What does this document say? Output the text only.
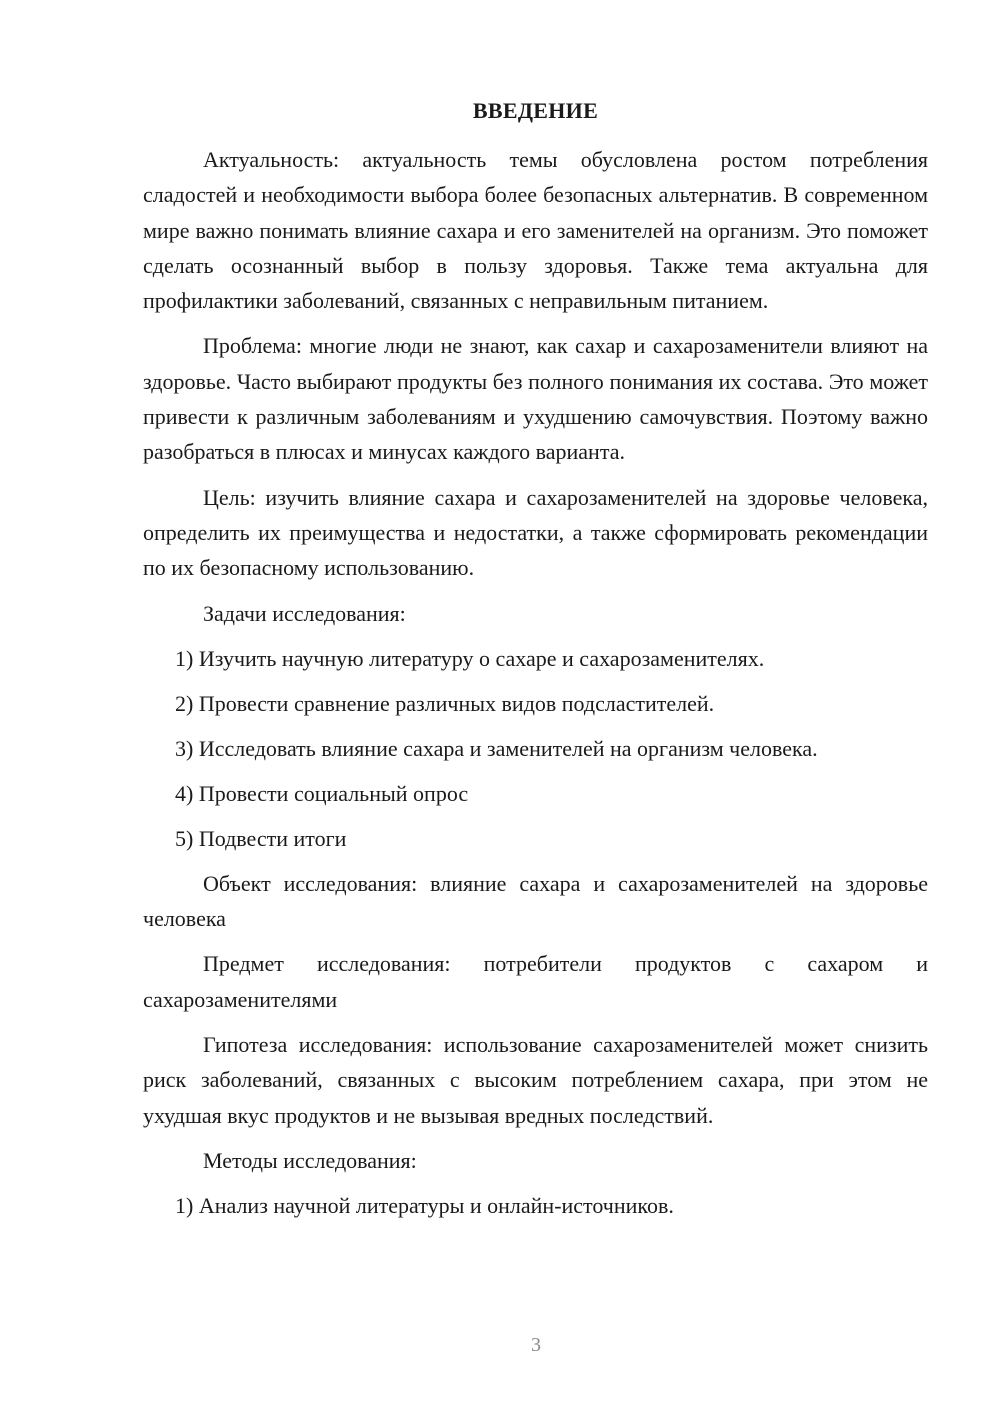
ВВЕДЕНИЕ

Актуальность: актуальность темы обусловлена ростом потребления сладостей и необходимости выбора более безопасных альтернатив. В современном мире важно понимать влияние сахара и его заменителей на организм. Это поможет сделать осознанный выбор в пользу здоровья. Также тема актуальна для профилактики заболеваний, связанных с неправильным питанием.

Проблема: многие люди не знают, как сахар и сахарозаменители влияют на здоровье. Часто выбирают продукты без полного понимания их состава. Это может привести к различным заболеваниям и ухудшению самочувствия. Поэтому важно разобраться в плюсах и минусах каждого варианта.

Цель: изучить влияние сахара и сахарозаменителей на здоровье человека, определить их преимущества и недостатки, а также сформировать рекомендации по их безопасному использованию.

Задачи исследования:

1) Изучить научную литературу о сахаре и сахарозаменителях.
2) Провести сравнение различных видов подсластителей.
3) Исследовать влияние сахара и заменителей на организм человека.
4) Провести социальный опрос
5) Подвести итоги

Объект исследования: влияние сахара и сахарозаменителей на здоровье человека

Предмет исследования: потребители продуктов с сахаром и сахарозаменителями

Гипотеза исследования: использование сахарозаменителей может снизить риск заболеваний, связанных с высоким потреблением сахара, при этом не ухудшая вкус продуктов и не вызывая вредных последствий.

Методы исследования:

1) Анализ научной литературы и онлайн-источников.
3
